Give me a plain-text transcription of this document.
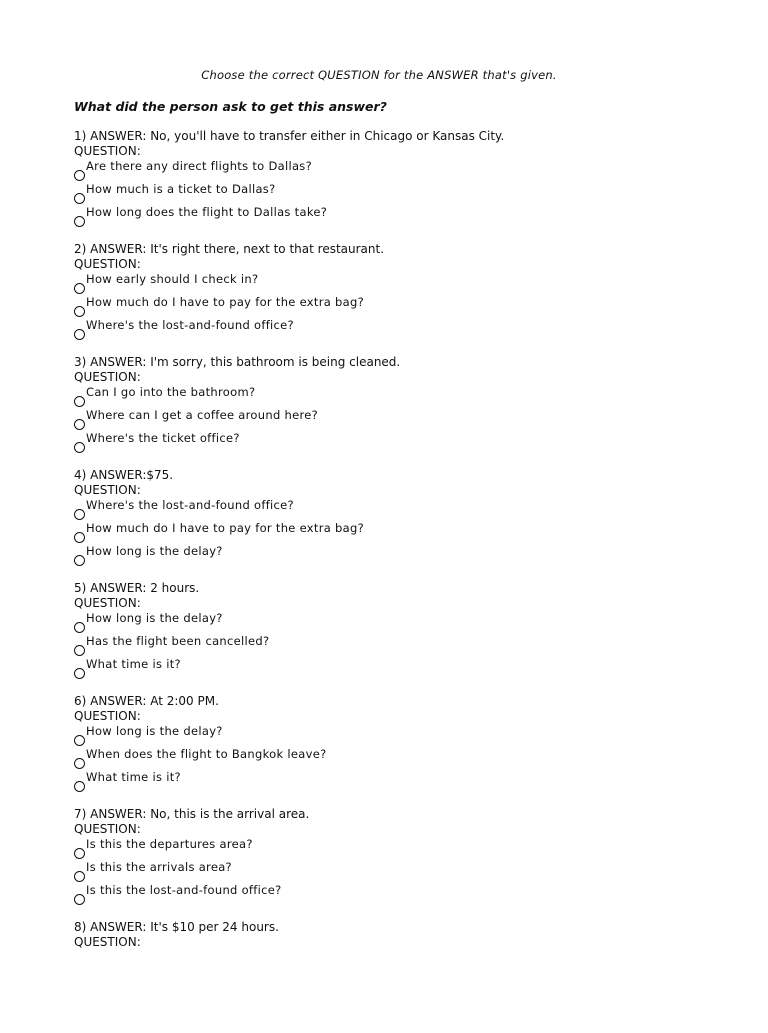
Choose the correct QUESTION for the ANSWER that's given.
What did the person ask to get this answer?
1) ANSWER: No, you'll have to transfer either in Chicago or Kansas City.
QUESTION:
Are there any direct flights to Dallas?
How much is a ticket to Dallas?
How long does the flight to Dallas take?
2) ANSWER: It's right there, next to that restaurant.
QUESTION:
How early should I check in?
How much do I have to pay for the extra bag?
Where's the lost-and-found office?
3) ANSWER: I'm sorry, this bathroom is being cleaned.
QUESTION:
Can I go into the bathroom?
Where can I get a coffee around here?
Where's the ticket office?
4) ANSWER:$75.
QUESTION:
Where's the lost-and-found office?
How much do I have to pay for the extra bag?
How long is the delay?
5) ANSWER: 2 hours.
QUESTION:
How long is the delay?
Has the flight been cancelled?
What time is it?
6) ANSWER: At 2:00 PM.
QUESTION:
How long is the delay?
When does the flight to Bangkok leave?
What time is it?
7) ANSWER: No, this is the arrival area.
QUESTION:
Is this the departures area?
Is this the arrivals area?
Is this the lost-and-found office?
8) ANSWER: It's $10 per 24 hours.
QUESTION:
